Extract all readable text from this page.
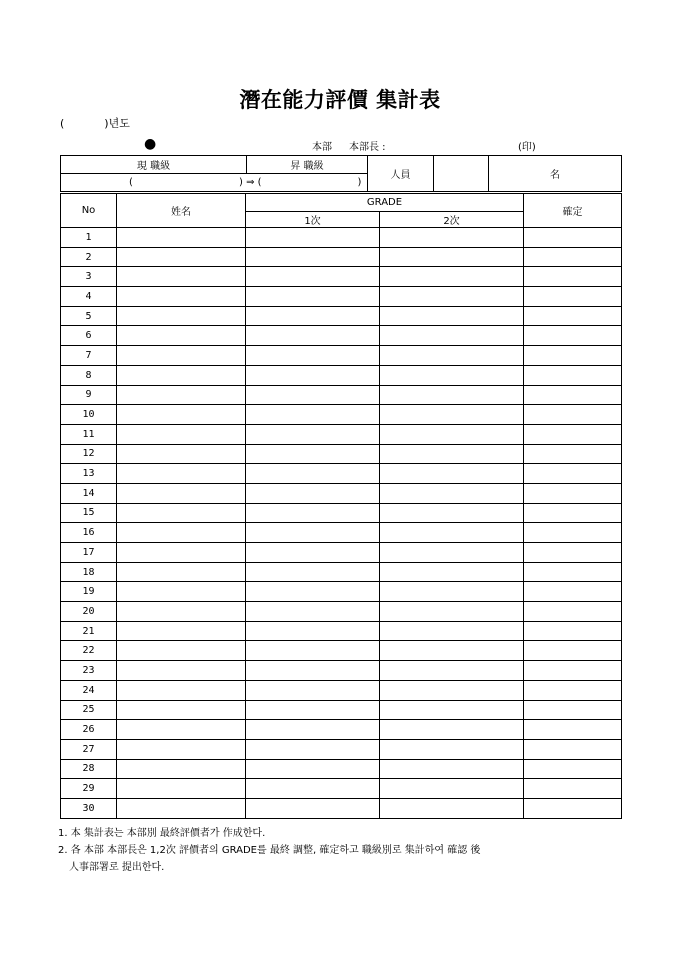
潛在能力評價 集計表
(	)년도
●	本部 本部長 :	(印)
現 職級	昇 職級	人員		名
(	) ⇒ (	)
No	姓名	GRADE		確定
		1次	2次	
1				
2				
3				
4				
5				
6				
7				
8				
9				
10				
11				
12				
13				
14				
15				
16				
17				
18				
19				
20				
21				
22				
23				
24				
25				
26				
27				
28				
29				
30				

1. 本 集計表는 本部別 最終評價者가 作成한다.

2. 各 本部 本部長은 1,2次 評價者의 GRADE를 最終 調整, 確定하고 職級別로 集計하여 確認 後

人事部署로 提出한다.
